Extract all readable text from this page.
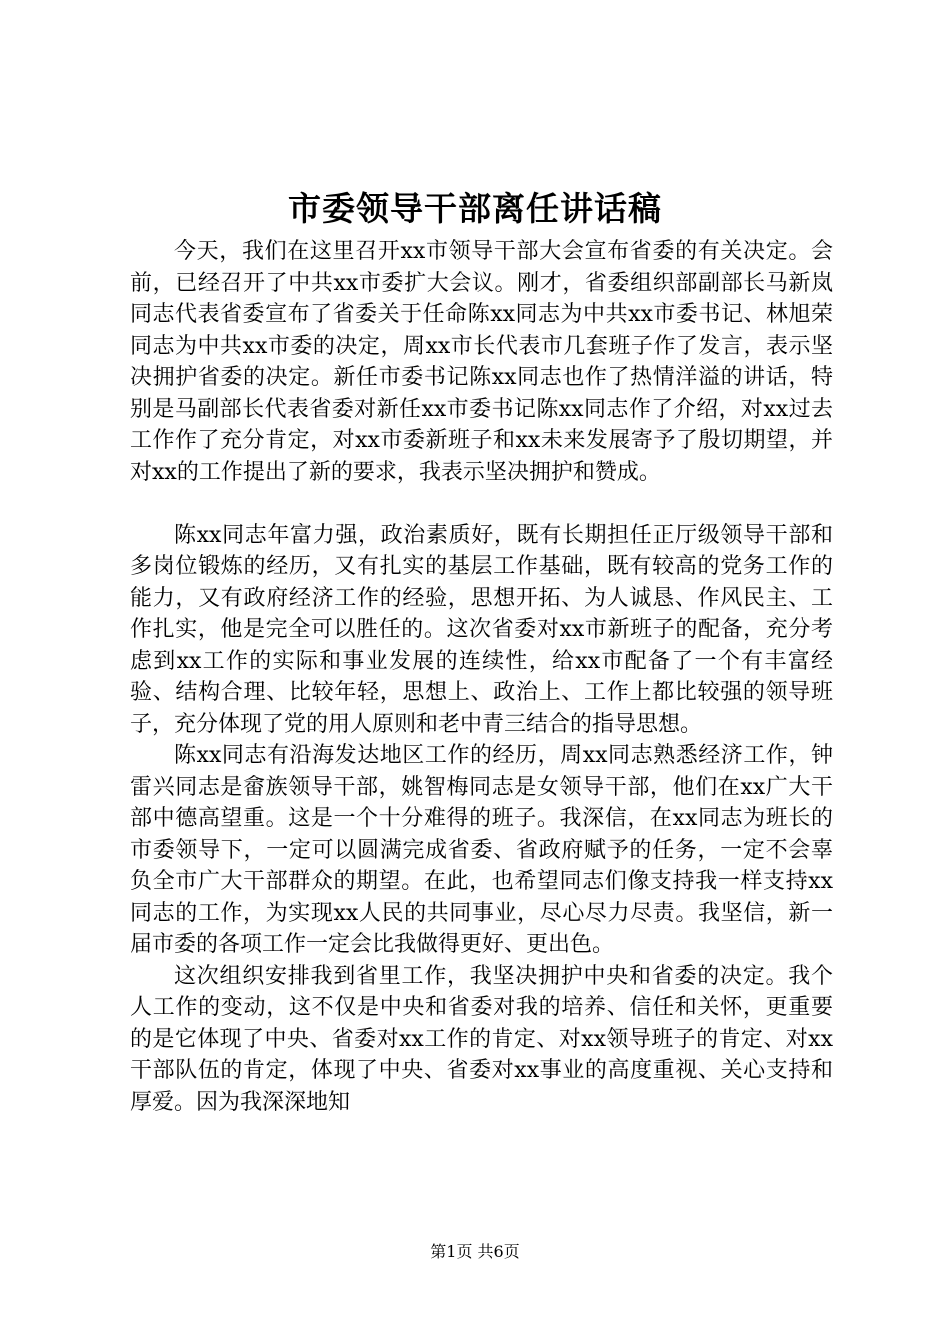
市委领导干部离任讲话稿

今天，我们在这里召开xx市领导干部大会宣布省委的有关决定。会前，已经召开了中共xx市委扩大会议。刚才，省委组织部副部长马新岚同志代表省委宣布了省委关于任命陈xx同志为中共xx市委书记、林旭荣同志为中共xx市委的决定，周xx市长代表市几套班子作了发言，表示坚决拥护省委的决定。新任市委书记陈xx同志也作了热情洋溢的讲话，特别是马副部长代表省委对新任xx市委书记陈xx同志作了介绍，对xx过去工作作了充分肯定，对xx市委新班子和xx未来发展寄予了殷切期望，并对xx的工作提出了新的要求，我表示坚决拥护和赞成。

陈xx同志年富力强，政治素质好，既有长期担任正厅级领导干部和多岗位锻炼的经历，又有扎实的基层工作基础，既有较高的党务工作的能力，又有政府经济工作的经验，思想开拓、为人诚恳、作风民主、工作扎实，他是完全可以胜任的。这次省委对xx市新班子的配备，充分考虑到xx工作的实际和事业发展的连续性，给xx市配备了一个有丰富经验、结构合理、比较年轻，思想上、政治上、工作上都比较强的领导班子，充分体现了党的用人原则和老中青三结合的指导思想。

陈xx同志有沿海发达地区工作的经历，周xx同志熟悉经济工作，钟雷兴同志是畲族领导干部，姚智梅同志是女领导干部，他们在xx广大干部中德高望重。这是一个十分难得的班子。我深信，在xx同志为班长的市委领导下，一定可以圆满完成省委、省政府赋予的任务，一定不会辜负全市广大干部群众的期望。在此，也希望同志们像支持我一样支持xx同志的工作，为实现xx人民的共同事业，尽心尽力尽责。我坚信，新一届市委的各项工作一定会比我做得更好、更出色。

这次组织安排我到省里工作，我坚决拥护中央和省委的决定。我个人工作的变动，这不仅是中央和省委对我的培养、信任和关怀，更重要的是它体现了中央、省委对xx工作的肯定、对xx领导班子的肯定、对xx干部队伍的肯定，体现了中央、省委对xx事业的高度重视、关心支持和厚爱。因为我深深地知

第1页 共6页
